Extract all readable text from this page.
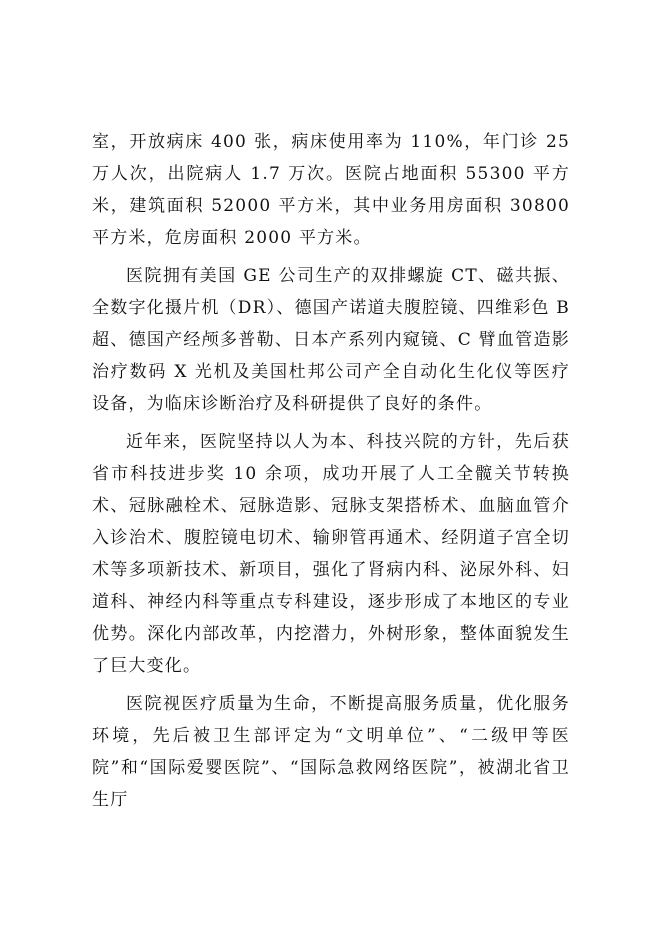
室，开放病床 400 张，病床使用率为 110%，年门诊 25 万人次，出院病人 1.7 万次。医院占地面积 55300 平方米，建筑面积 52000 平方米，其中业务用房面积 30800 平方米，危房面积 2000 平方米。

医院拥有美国 GE 公司生产的双排螺旋 CT、磁共振、全数字化摄片机（DR）、德国产诺道夫腹腔镜、四维彩色 B 超、德国产经颅多普勒、日本产系列内窥镜、C 臂血管造影治疗数码 X 光机及美国杜邦公司产全自动化生化仪等医疗设备，为临床诊断治疗及科研提供了良好的条件。

近年来，医院坚持以人为本、科技兴院的方针，先后获省市科技进步奖 10 余项，成功开展了人工全髋关节转换术、冠脉融栓术、冠脉造影、冠脉支架搭桥术、血脑血管介入诊治术、腹腔镜电切术、输卵管再通术、经阴道子宫全切术等多项新技术、新项目，强化了肾病内科、泌尿外科、妇道科、神经内科等重点专科建设，逐步形成了本地区的专业优势。深化内部改革，内挖潜力，外树形象，整体面貌发生了巨大变化。

医院视医疗质量为生命，不断提高服务质量，优化服务环境，先后被卫生部评定为“文明单位”、“二级甲等医院”和“国际爱婴医院”、“国际急救网络医院”，被湖北省卫生厅
